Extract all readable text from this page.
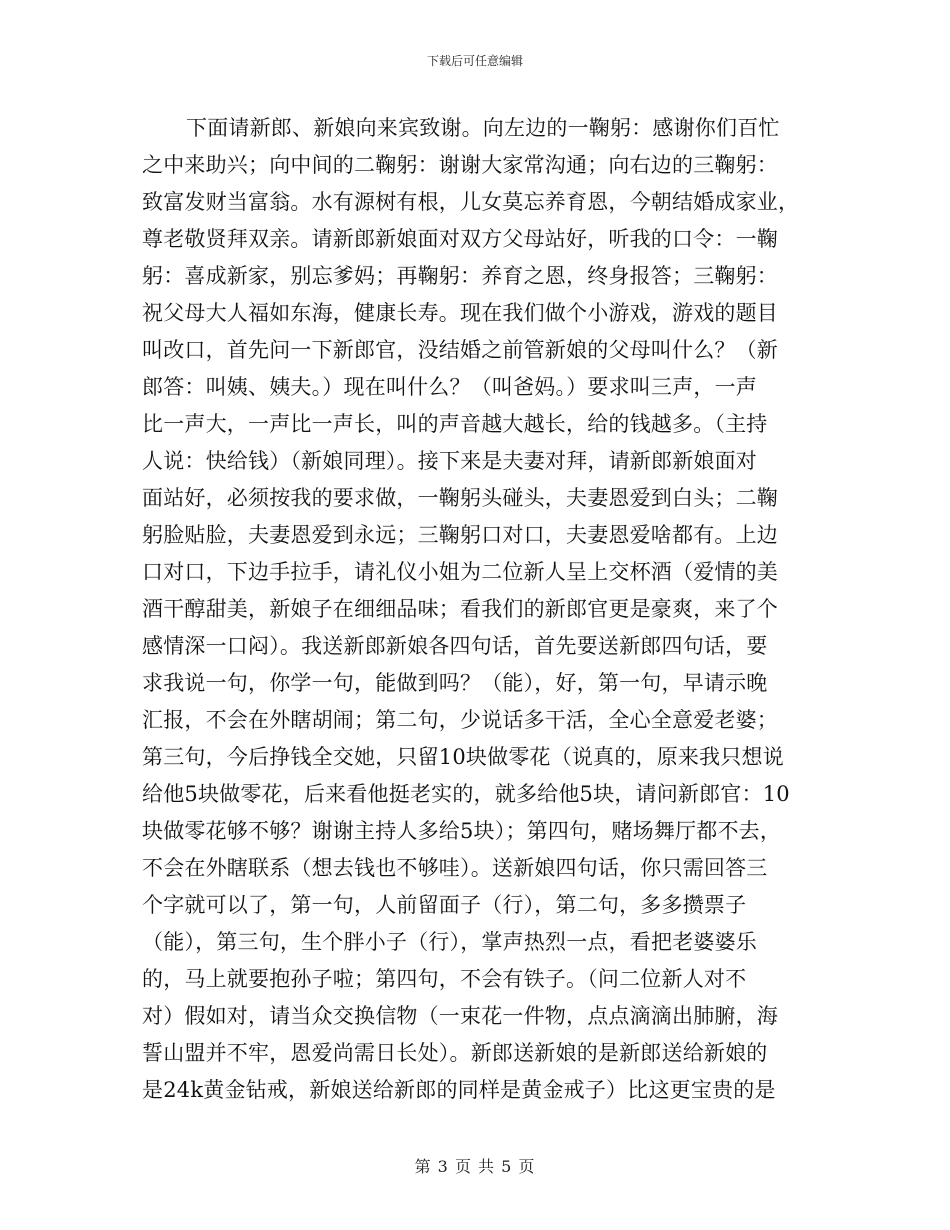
下载后可任意编辑
下面请新郎、新娘向来宾致谢。向左边的一鞠躬：感谢你们百忙
之中来助兴；向中间的二鞠躬：谢谢大家常沟通；向右边的三鞠躬：
致富发财当富翁。水有源树有根，儿女莫忘养育恩，今朝结婚成家业，
尊老敬贤拜双亲。请新郎新娘面对双方父母站好，听我的口令：一鞠
躬：喜成新家，别忘爹妈；再鞠躬：养育之恩，终身报答；三鞠躬：
祝父母大人福如东海，健康长寿。现在我们做个小游戏，游戏的题目
叫改口，首先问一下新郎官，没结婚之前管新娘的父母叫什么？（新
郎答：叫姨、姨夫。）现在叫什么？（叫爸妈。）要求叫三声，一声
比一声大，一声比一声长，叫的声音越大越长，给的钱越多。（主持
人说：快给钱）（新娘同理）。接下来是夫妻对拜，请新郎新娘面对
面站好，必须按我的要求做，一鞠躬头碰头，夫妻恩爱到白头；二鞠
躬脸贴脸，夫妻恩爱到永远；三鞠躬口对口，夫妻恩爱啥都有。上边
口对口，下边手拉手，请礼仪小姐为二位新人呈上交杯酒（爱情的美
酒干醇甜美，新娘子在细细品味；看我们的新郎官更是豪爽，来了个
感情深一口闷）。我送新郎新娘各四句话，首先要送新郎四句话，要
求我说一句，你学一句，能做到吗？（能），好，第一句，早请示晚
汇报，不会在外瞎胡闹；第二句，少说话多干活，全心全意爱老婆；
第三句，今后挣钱全交她，只留10块做零花（说真的，原来我只想说
给他5块做零花，后来看他挺老实的，就多给他5块，请问新郎官：10
块做零花够不够？谢谢主持人多给5块）；第四句，赌场舞厅都不去，
不会在外瞎联系（想去钱也不够哇）。送新娘四句话，你只需回答三
个字就可以了，第一句，人前留面子（行），第二句，多多攒票子
（能），第三句，生个胖小子（行），掌声热烈一点，看把老婆婆乐
的，马上就要抱孙子啦；第四句，不会有铁子。（问二位新人对不
对）假如对，请当众交换信物（一束花一件物，点点滴滴出肺腑，海
誓山盟并不牢，恩爱尚需日长处）。新郎送新娘的是新郎送给新娘的
是24k黄金钻戒，新娘送给新郎的同样是黄金戒子）比这更宝贵的是
第 3 页 共 5 页
